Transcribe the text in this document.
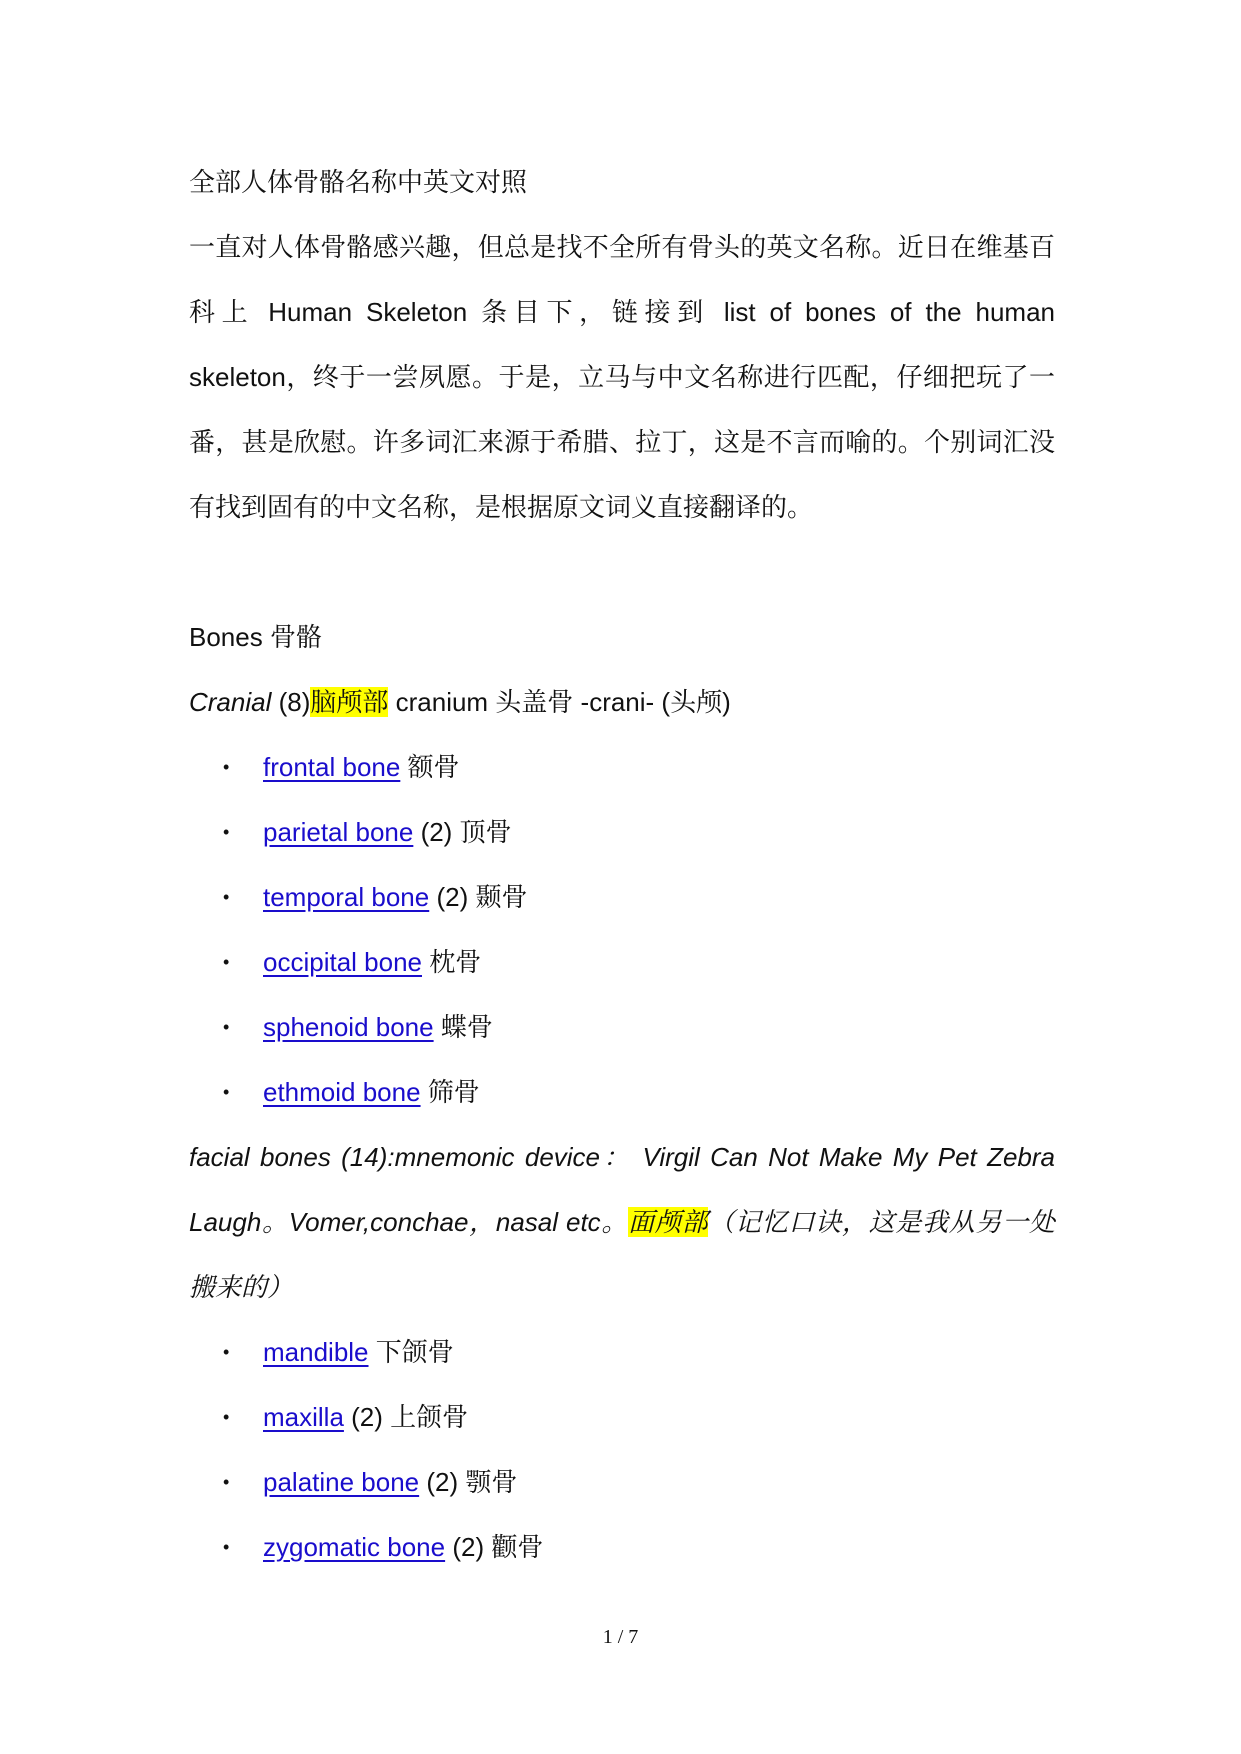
全部人体骨骼名称中英文对照

一直对人体骨骼感兴趣，但总是找不全所有骨头的英文名称。近日在维基百科上 Human Skeleton 条目下，链接到 list of bones of the human skeleton，终于一尝夙愿。于是，立马与中文名称进行匹配，仔细把玩了一番，甚是欣慰。许多词汇来源于希腊、拉丁，这是不言而喻的。个别词汇没有找到固有的中文名称，是根据原文词义直接翻译的。

Bones 骨骼

Cranial (8)脑颅部 cranium 头盖骨 -crani- (头颅)

• frontal bone 额骨
• parietal bone (2) 顶骨
• temporal bone (2) 颞骨
• occipital bone 枕骨
• sphenoid bone 蝶骨
• ethmoid bone 筛骨

facial bones (14):mnemonic device： Virgil Can Not Make My Pet Zebra Laugh。Vomer,conchae，nasal etc。面颅部（记忆口诀，这是我从另一处搬来的）

• mandible 下颌骨
• maxilla (2) 上颌骨
• palatine bone (2) 颚骨
• zygomatic bone (2) 颧骨
1 / 7
